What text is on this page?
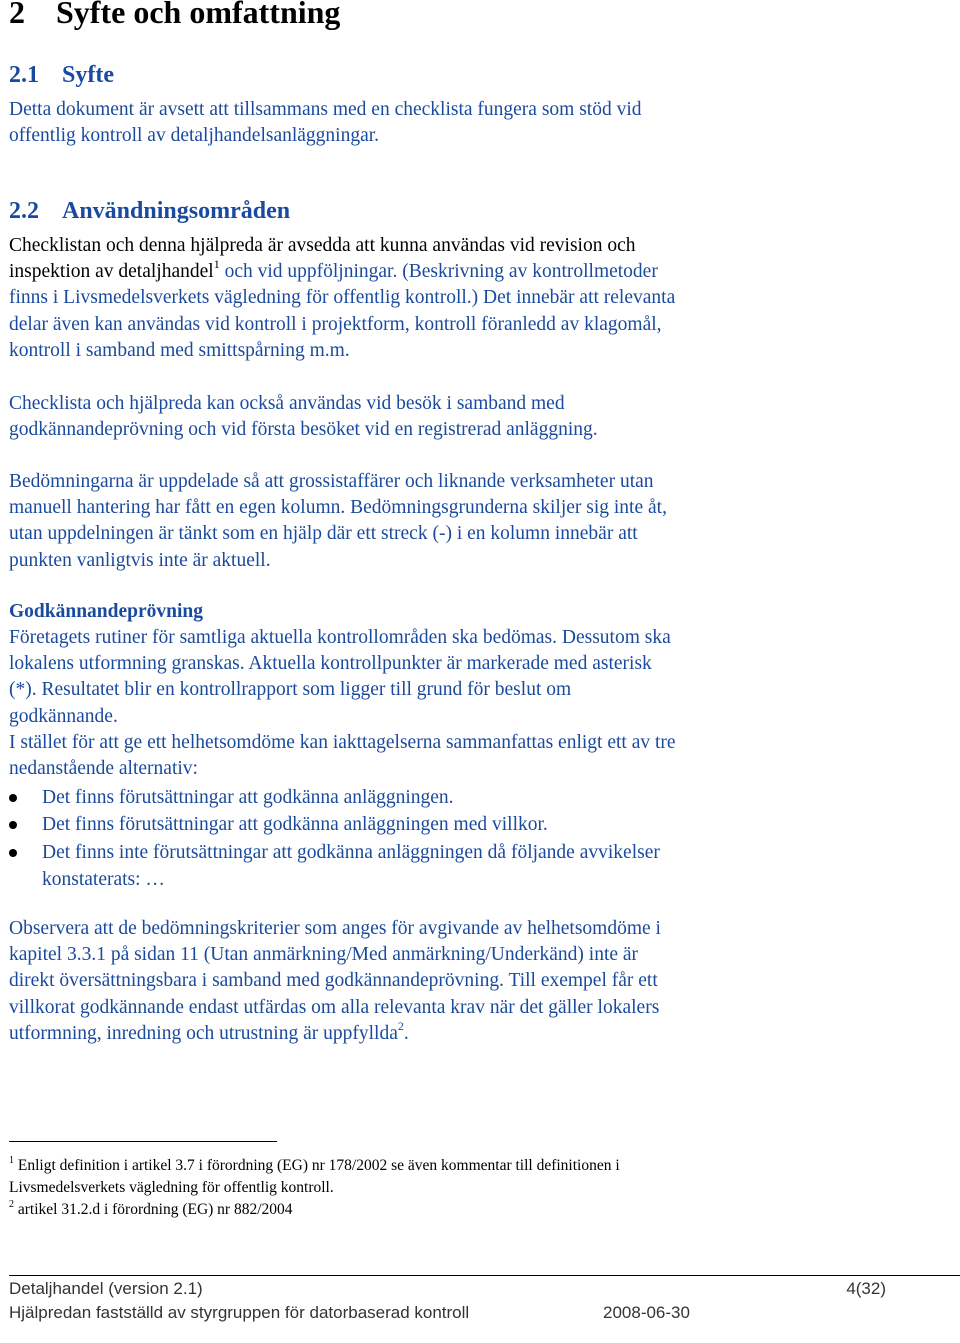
2 Syfte och omfattning
2.1 Syfte

Detta dokument är avsett att tillsammans med en checklista fungera som stöd vid
offentlig kontroll av detaljhandelsanläggningar.

2.2 Användningsområden

Checklistan och denna hjälpreda är avsedda att kunna användas vid revision och
inspektion av detaljhandel$^1$ och vid uppföljningar. (Beskrivning av kontrollmetoder
finns i Livsmedelsverkets vägledning för offentlig kontroll.) Det innebär att relevanta
delar även kan användas vid kontroll i projektform, kontroll föranledd av klagomål,
kontroll i samband med smittspårning m.m.

Checklista och hjälpreda kan också användas vid besök i samband med
godkännandeprövning och vid första besöket vid en registrerad anläggning.

Bedömningarna är uppdelade så att grossistaffärer och liknande verksamheter utan
manuell hantering har fått en egen kolumn. Bedömningsgrunderna skiljer sig inte åt,
utan uppdelningen är tänkt som en hjälp där ett streck (-) i en kolumn innebär att
punkten vanligtvis inte är aktuell.

Godkännandeprövning

Företagets rutiner för samtliga aktuella kontrollområden ska bedömas. Dessutom ska
lokalens utformning granskas. Aktuella kontrollpunkter är markerade med asterisk
(*). Resultatet blir en kontrollrapport som ligger till grund för beslut om
godkännande.
I stället för att ge ett helhetsomdöme kan iakttagelserna sammanfattas enligt ett av tre
nedanstående alternativ:

Det finns förutsättningar att godkänna anläggningen.
Det finns förutsättningar att godkänna anläggningen med villkor.
Det finns inte förutsättningar att godkänna anläggningen då följande avvikelser
konstaterats: …

Observera att de bedömningskriterier som anges för avgivande av helhetsomdöme i
kapitel 3.3.1 på sidan 11 (Utan anmärkning/Med anmärkning/Underkänd) inte är
direkt översättningsbara i samband med godkännandeprövning. Till exempel får ett
villkorat godkännande endast utfärdas om alla relevanta krav när det gäller lokalers
utformning, inredning och utrustning är uppfyllda$^2$.

$^1$ Enligt definition i artikel 3.7 i förordning (EG) nr 178/2002 se även kommentar till definitionen i
Livsmedelsverkets vägledning för offentlig kontroll.
$^2$ artikel 31.2.d i förordning (EG) nr 882/2004

Detaljhandel (version 2.1)	4(32)
Hjälpredan fastställd av styrgruppen för datorbaserad kontroll	2008-06-30
